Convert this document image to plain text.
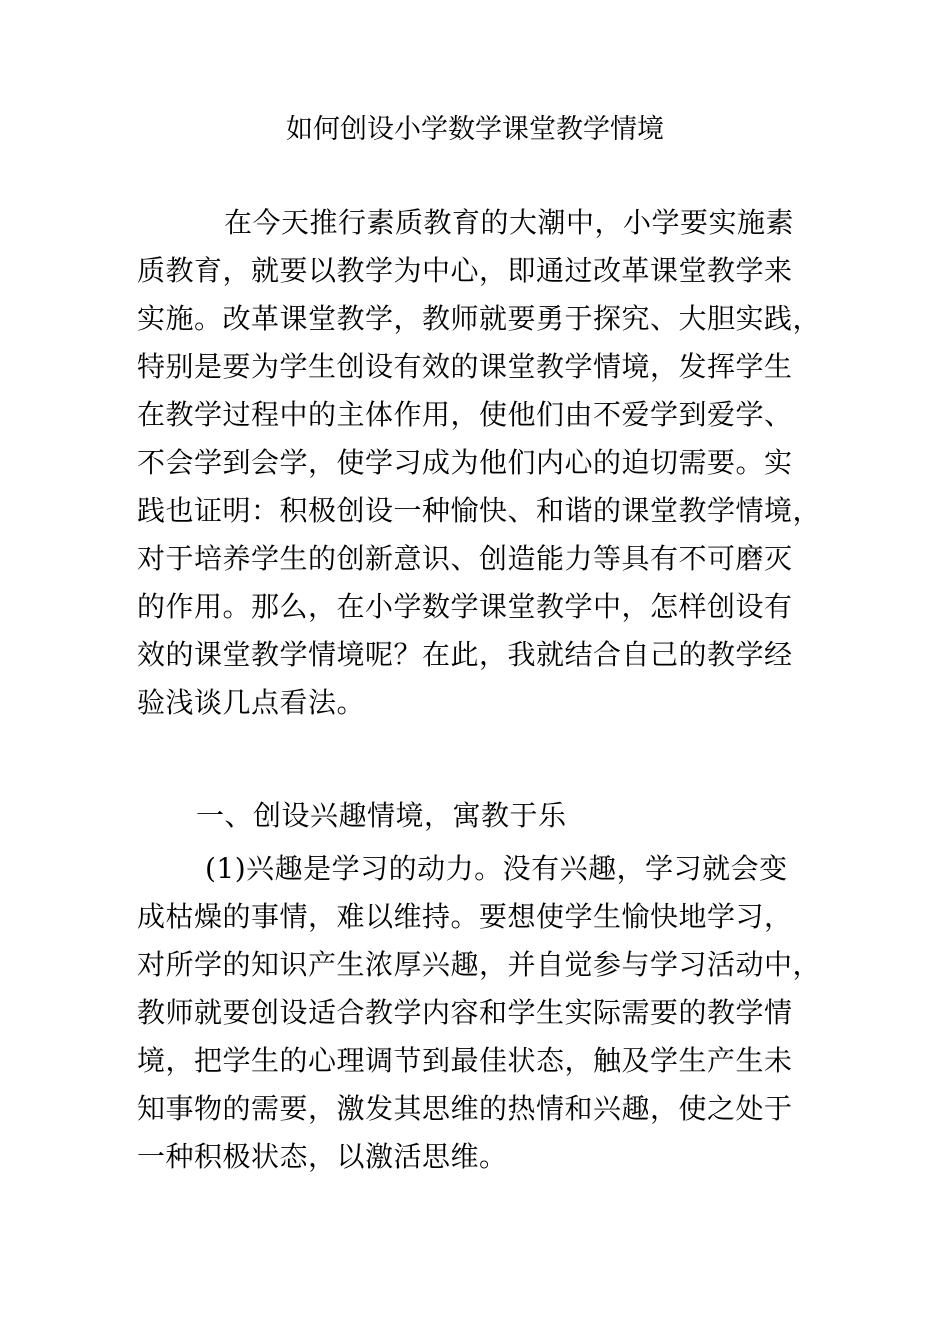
如何创设小学数学课堂教学情境
在今天推行素质教育的大潮中，小学要实施素
质教育，就要以教学为中心，即通过改革课堂教学来
实施。改革课堂教学，教师就要勇于探究、大胆实践，
特别是要为学生创设有效的课堂教学情境，发挥学生
在教学过程中的主体作用，使他们由不爱学到爱学、
不会学到会学，使学习成为他们内心的迫切需要。实
践也证明：积极创设一种愉快、和谐的课堂教学情境，
对于培养学生的创新意识、创造能力等具有不可磨灭
的作用。那么，在小学数学课堂教学中，怎样创设有
效的课堂教学情境呢？在此，我就结合自己的教学经
验浅谈几点看法。
一、创设兴趣情境，寓教于乐
(1)兴趣是学习的动力。没有兴趣，学习就会变
成枯燥的事情，难以维持。要想使学生愉快地学习，
对所学的知识产生浓厚兴趣，并自觉参与学习活动中，
教师就要创设适合教学内容和学生实际需要的教学情
境，把学生的心理调节到最佳状态，触及学生产生未
知事物的需要，激发其思维的热情和兴趣，使之处于
一种积极状态，以激活思维。
